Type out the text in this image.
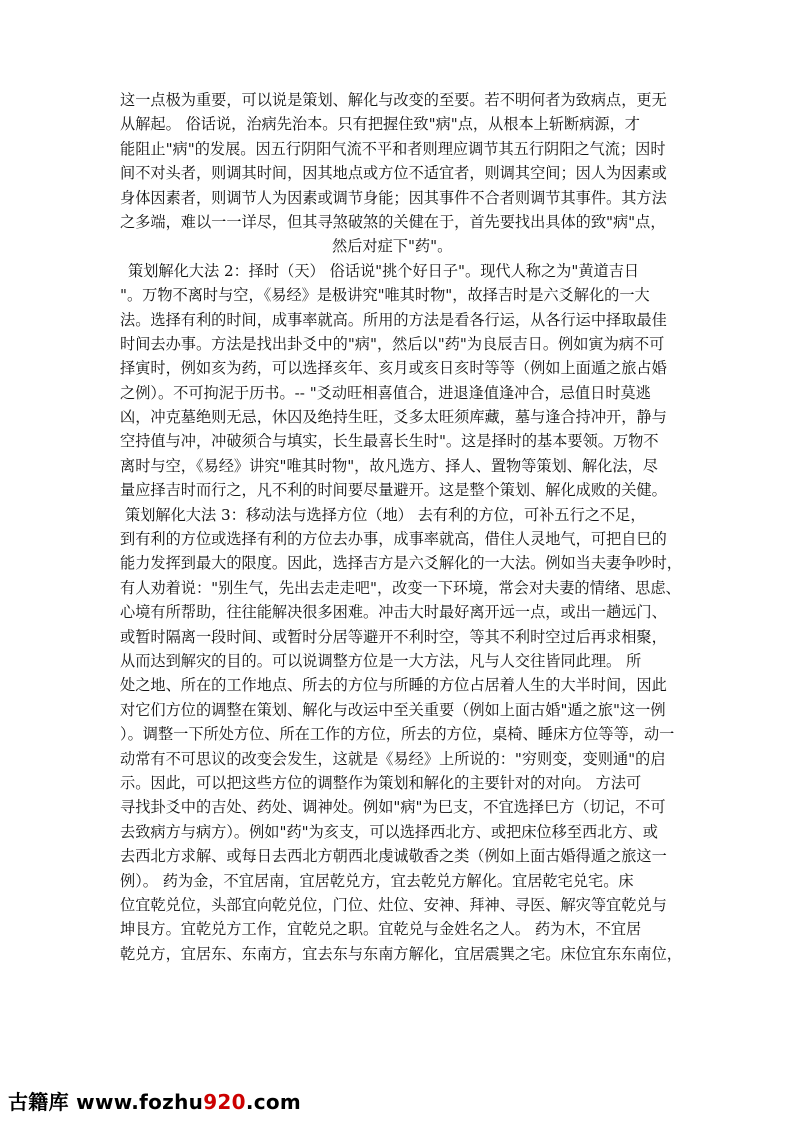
这一点极为重要，可以说是策划、解化与改变的至要。若不明何者为致病点，更无
从解起。 俗话说，治病先治本。只有把握住致"病"点，从根本上斩断病源，才
能阻止"病"的发展。因五行阴阳气流不平和者则理应调节其五行阴阳之气流；因时
间不对头者，则调其时间，因其地点或方位不适宜者，则调其空间；因人为因素或
身体因素者，则调节人为因素或调节身能；因其事件不合者则调节其事件。其方法
之多端，难以一一详尽，但其寻煞破煞的关健在于，首先要找出具体的致"病"点，
然后对症下"药"。
策划解化大法 2：择时（天） 俗话说"挑个好日子"。现代人称之为"黄道吉日
"。万物不离时与空，《易经》是极讲究"唯其时物"，故择吉时是六爻解化的一大
法。选择有利的时间，成事率就高。所用的方法是看各行运，从各行运中择取最佳
时间去办事。方法是找出卦爻中的"病"，然后以"药"为良辰吉日。例如寅为病不可
择寅时，例如亥为药，可以选择亥年、亥月或亥日亥时等等（例如上面遁之旅占婚
之例）。不可拘泥于历书。-- "爻动旺相喜值合，进退逢值逢冲合，忌值日时莫逃
凶，冲克墓绝则无忌，休囚及绝持生旺，爻多太旺须库藏，墓与逢合持冲开，静与
空持值与冲，冲破须合与填实，长生最喜长生时"。这是择时的基本要领。万物不
离时与空，《易经》讲究"唯其时物"，故凡选方、择人、置物等策划、解化法，尽
量应择吉时而行之，凡不利的时间要尽量避开。这是整个策划、解化成败的关健。
策划解化大法 3：移动法与选择方位（地） 去有利的方位，可补五行之不足，
到有利的方位或选择有利的方位去办事，成事率就高，借住人灵地气，可把自巳的
能力发挥到最大的限度。因此，选择吉方是六爻解化的一大法。例如当夫妻争吵时，
有人劝着说："别生气，先出去走走吧"，改变一下环境，常会对夫妻的情绪、思虑、
心境有所帮助，往往能解决很多困难。冲击大时最好离开远一点，或出一趟远门、
或暂时隔离一段时间、或暂时分居等避开不利时空，等其不利时空过后再求相聚，
从而达到解灾的目的。可以说调整方位是一大方法，凡与人交往皆同此理。 所
处之地、所在的工作地点、所去的方位与所睡的方位占居着人生的大半时间，因此
对它们方位的调整在策划、解化与改运中至关重要（例如上面古婚"遁之旅"这一例
）。调整一下所处方位、所在工作的方位，所去的方位，桌椅、睡床方位等等，动一
动常有不可思议的改变会发生，这就是《易经》上所说的："穷则变，变则通"的启
示。因此，可以把这些方位的调整作为策划和解化的主要针对的对向。 方法可
寻找卦爻中的吉处、药处、调神处。例如"病"为巳支，不宜选择巳方（切记，不可
去致病方与病方）。例如"药"为亥支，可以选择西北方、或把床位移至西北方、或
去西北方求解、或每日去西北方朝西北虔诚敬香之类（例如上面古婚得遁之旅这一
例）。 药为金，不宜居南，宜居乾兑方，宜去乾兑方解化。宜居乾宅兑宅。床
位宜乾兑位，头部宜向乾兑位，门位、灶位、安神、拜神、寻医、解灾等宜乾兑与
坤艮方。宜乾兑方工作，宜乾兑之职。宜乾兑与金姓名之人。 药为木，不宜居
乾兑方，宜居东、东南方，宜去东与东南方解化，宜居震巽之宅。床位宜东东南位，
古籍库 www.fozhu920.com
